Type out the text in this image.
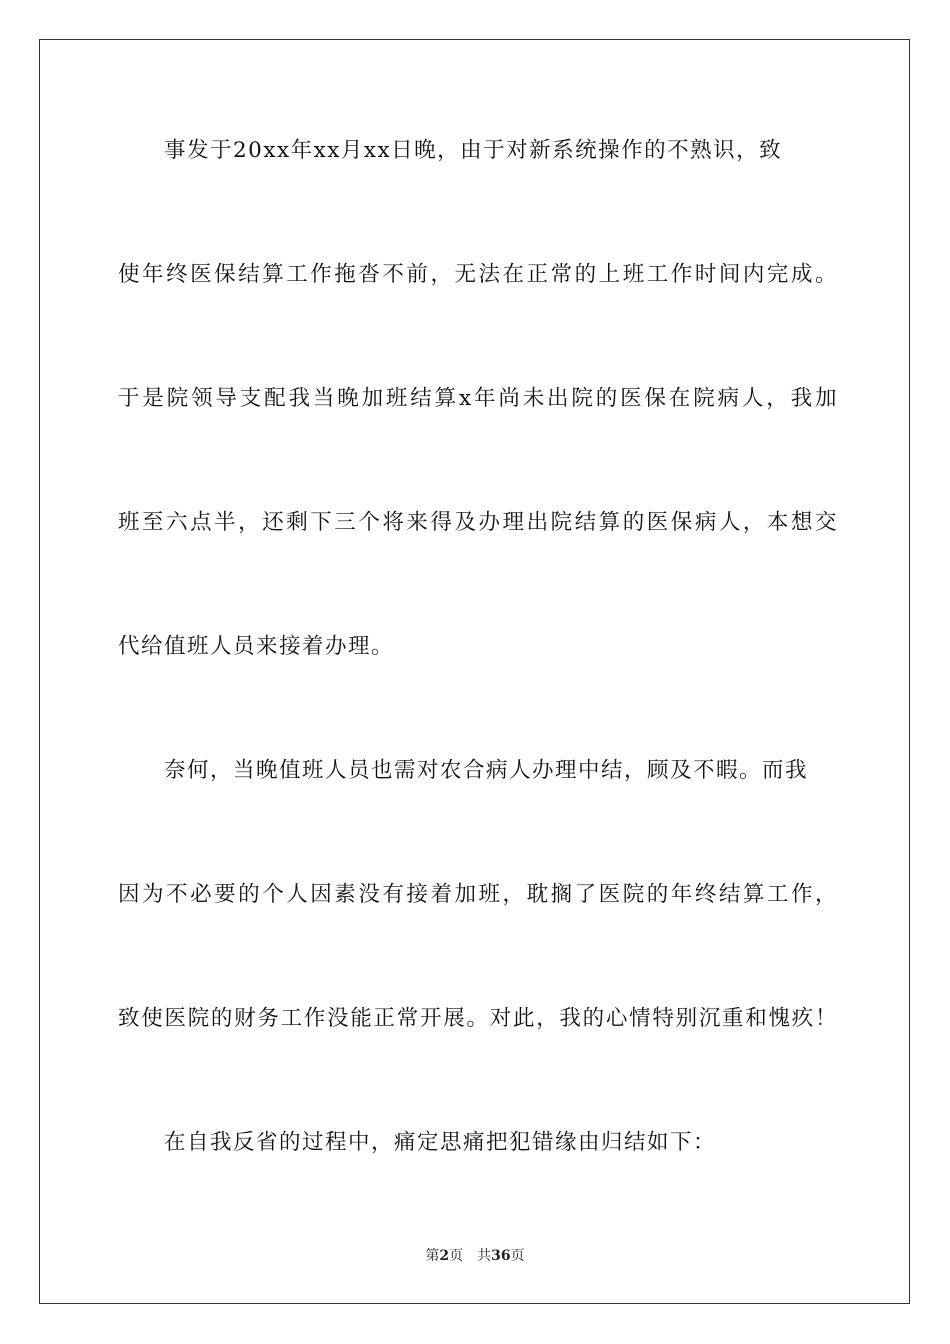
事发于20xx年xx月xx日晚，由于对新系统操作的不熟识，致
使年终医保结算工作拖沓不前，无法在正常的上班工作时间内完成。
于是院领导支配我当晚加班结算x年尚未出院的医保在院病人，我加
班至六点半，还剩下三个将来得及办理出院结算的医保病人，本想交
代给值班人员来接着办理。
奈何，当晚值班人员也需对农合病人办理中结，顾及不暇。而我
因为不必要的个人因素没有接着加班，耽搁了医院的年终结算工作，
致使医院的财务工作没能正常开展。对此，我的心情特别沉重和愧疚！
在自我反省的过程中，痛定思痛把犯错缘由归结如下：
第2页 共36页
